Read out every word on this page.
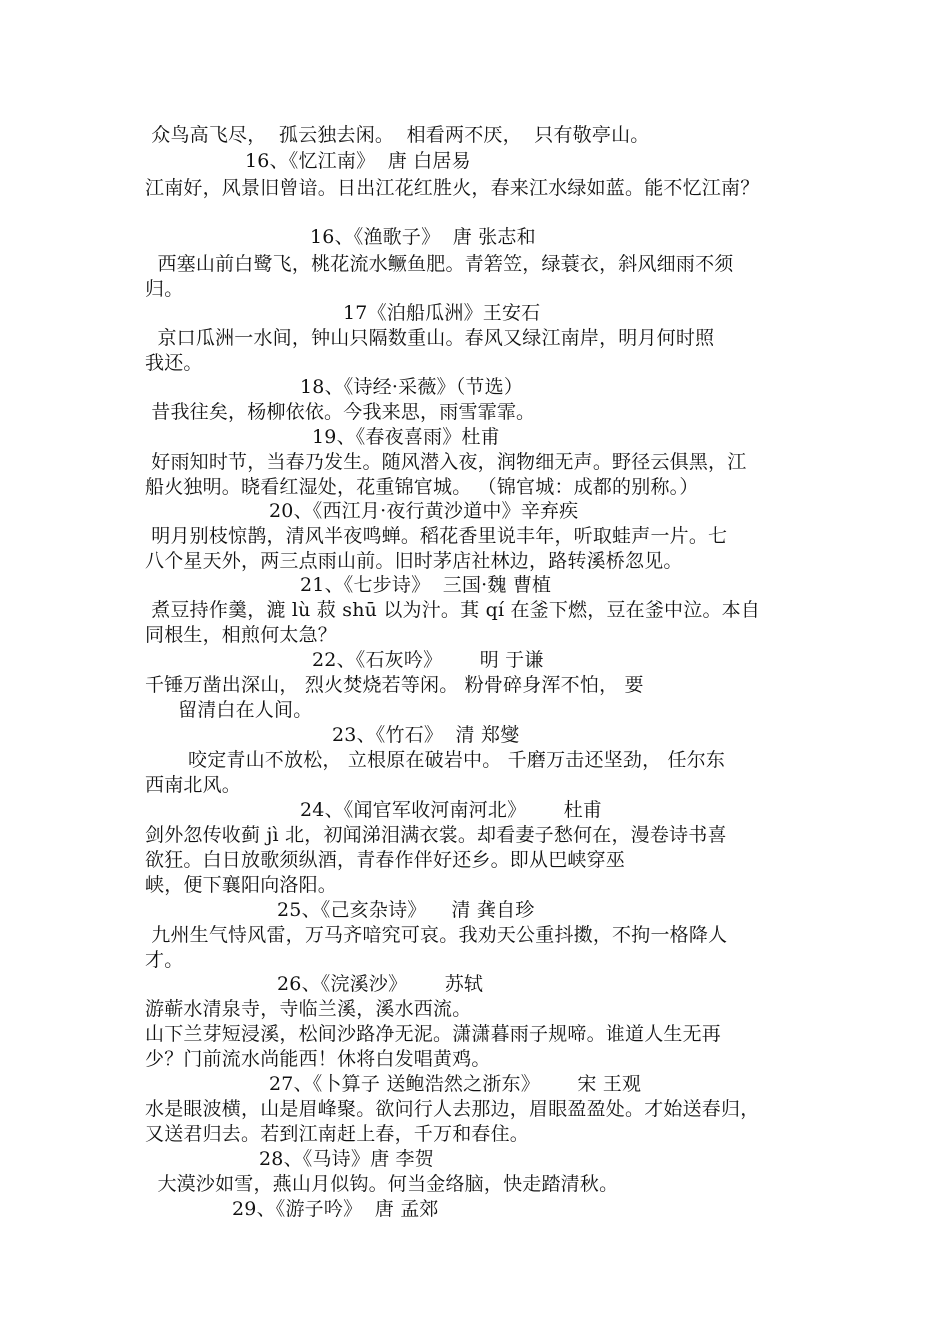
众鸟高飞尽，  孤云独去闲。  相看两不厌，  只有敬亭山。
16、《忆江南》  唐 白居易
江南好，风景旧曾谙。日出江花红胜火，春来江水绿如蓝。能不忆江南？
16、《渔歌子》  唐 张志和
西塞山前白鹭飞，桃花流水鳜鱼肥。青箬笠，绿蓑衣，斜风细雨不须
归。
17《泊船瓜洲》王安石
京口瓜洲一水间，钟山只隔数重山。春风又绿江南岸，明月何时照
我还。
18、《诗经·采薇》（节选）
昔我往矣，杨柳依依。今我来思，雨雪霏霏。
19、《春夜喜雨》杜甫
好雨知时节，当春乃发生。随风潜入夜，润物细无声。野径云俱黑，江
船火独明。晓看红湿处，花重锦官城。 （锦官城：成都的别称。）
20、《西江月·夜行黄沙道中》辛弃疾
明月别枝惊鹊，清风半夜鸣蝉。稻花香里说丰年，听取蛙声一片。七
八个星天外，两三点雨山前。旧时茅店社林边，路转溪桥忽见。
21、《七步诗》  三国·魏 曹植
煮豆持作羹，漉 lù 菽 shū 以为汁。萁 qí 在釜下燃，豆在釜中泣。本自
同根生，相煎何太急？
22、《石灰吟》      明 于谦
千锤万凿出深山， 烈火焚烧若等闲。 粉骨碎身浑不怕， 要
留清白在人间。
23、《竹石》  清 郑燮
咬定青山不放松， 立根原在破岩中。 千磨万击还坚劲， 任尔东
西南北风。
24、《闻官军收河南河北》      杜甫
剑外忽传收蓟 jì 北，初闻涕泪满衣裳。却看妻子愁何在，漫卷诗书喜
欲狂。白日放歌须纵酒，青春作伴好还乡。即从巴峡穿巫
峡，便下襄阳向洛阳。
25、《己亥杂诗》    清 龚自珍
九州生气恃风雷，万马齐喑究可哀。我劝天公重抖擞，不拘一格降人
才。
26、《浣溪沙》      苏轼
游蕲水清泉寺，寺临兰溪，溪水西流。
山下兰芽短浸溪，松间沙路净无泥。潇潇暮雨子规啼。谁道人生无再
少？门前流水尚能西！休将白发唱黄鸡。
27、《卜算子 送鲍浩然之浙东》      宋 王观
水是眼波横，山是眉峰聚。欲问行人去那边，眉眼盈盈处。才始送春归，
又送君归去。若到江南赶上春，千万和春住。
28、《马诗》唐 李贺
大漠沙如雪，燕山月似钩。何当金络脑，快走踏清秋。
29、《游子吟》  唐 孟郊
